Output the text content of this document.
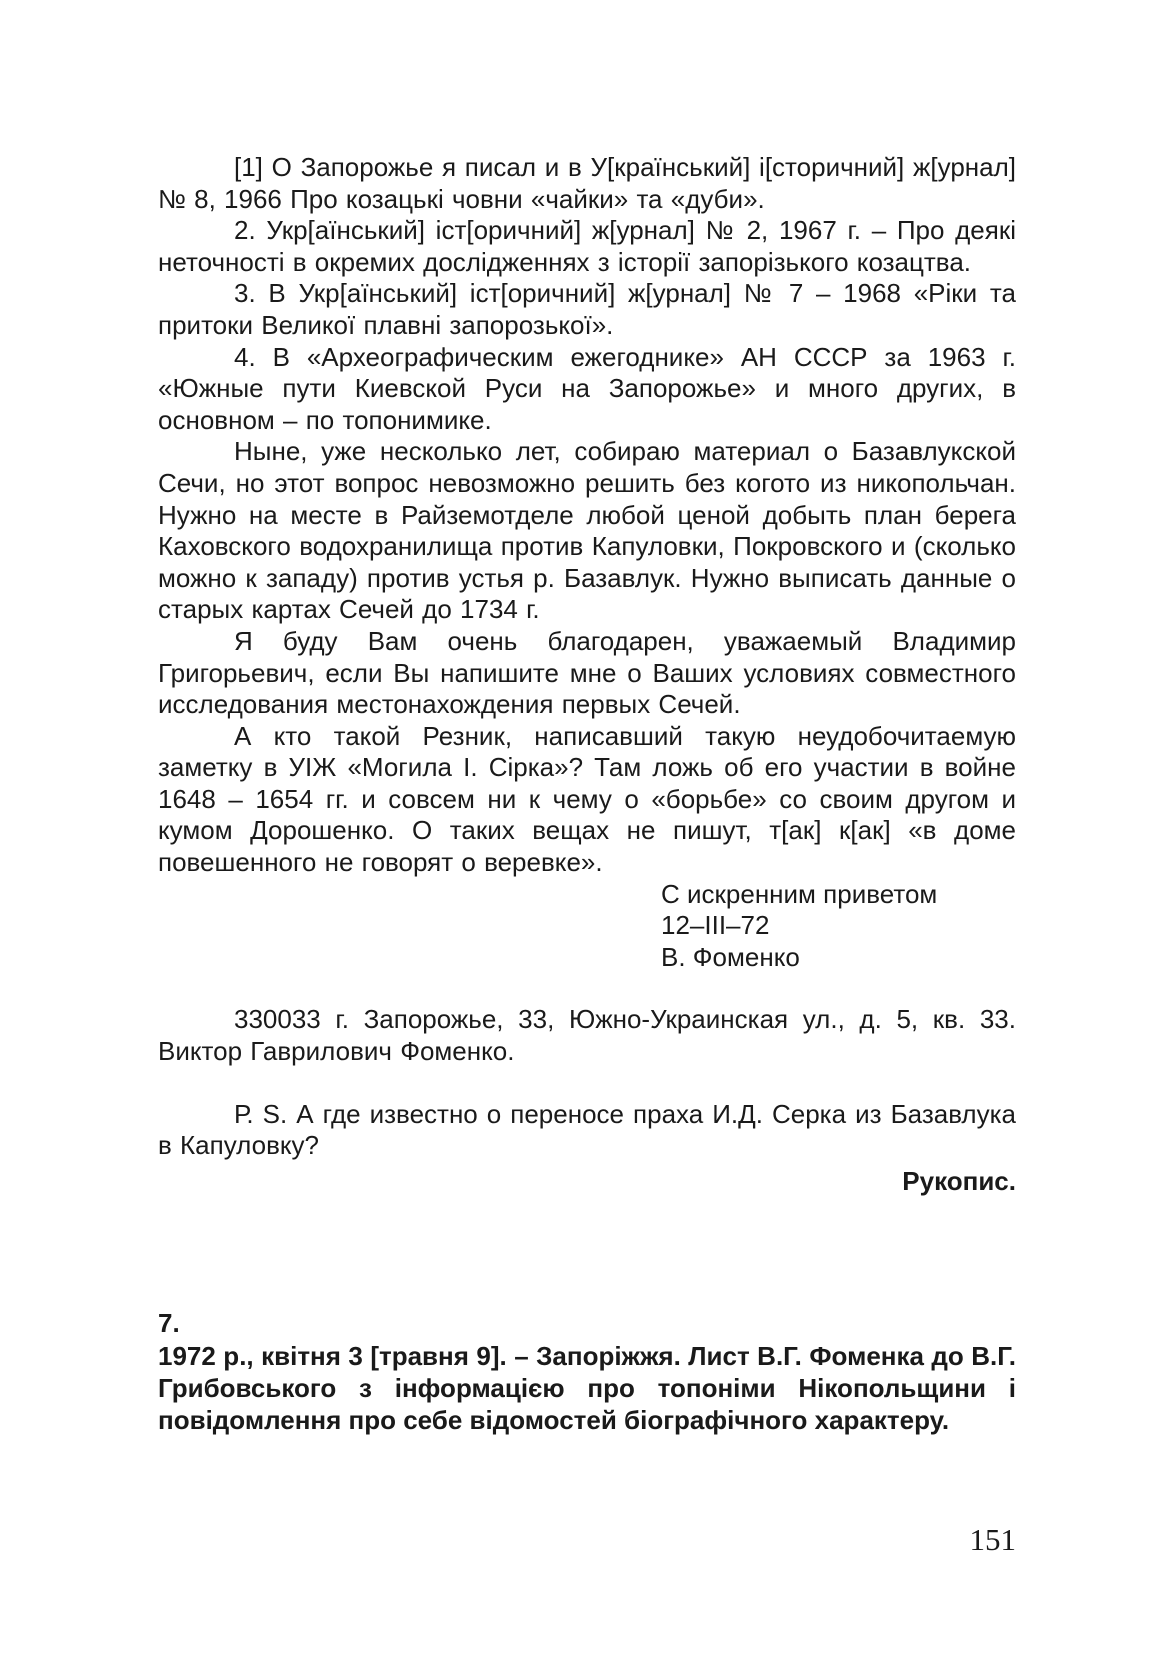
[1] О Запорожье я писал и в У[країнський] і[сторичний] ж[урнал] № 8, 1966 Про козацькі човни «чайки» та «дуби».

2. Укр[аїнський] іст[оричний] ж[урнал] № 2, 1967 г. – Про деякі неточності в окремих дослідженнях з історії запорізького козацтва.

3. В Укр[аїнський] іст[оричний] ж[урнал] № 7 – 1968 «Ріки та притоки Великої плавні запорозької».

4. В «Археографическим ежегоднике» АН СССР за 1963 г. «Южные пути Киевской Руси на Запорожье» и много других, в основном – по топонимике.

Ныне, уже несколько лет, собираю материал о Базавлукской Сечи, но этот вопрос невозможно решить без когото из никопольчан. Нужно на месте в Райземотделе любой ценой добыть план берега Каховского водохранилища против Капуловки, Покровского и (сколько можно к западу) против устья р. Базавлук. Нужно выписать данные о старых картах Сечей до 1734 г.

Я буду Вам очень благодарен, уважаемый Владимир Григорьевич, если Вы напишите мне о Ваших условиях совместного исследования местонахождения первых Сечей.

А кто такой Резник, написавший такую неудобочитаемую заметку в УІЖ «Могила І. Сірка»? Там ложь об его участии в войне 1648 – 1654 гг. и совсем ни к чему о «борьбе» со своим другом и кумом Дорошенко. О таких вещах не пишут, т[ак] к[ак] «в доме повешенного не говорят о веревке».

С искренним приветом
12–III–72
В. Фоменко

330033 г. Запорожье, 33, Южно-Украинская ул., д. 5, кв. 33. Виктор Гаврилович Фоменко.

Р. S. А где известно о переносе праха И.Д. Серка из Базавлука в Капуловку?

Рукопис.

7.

1972 р., квітня 3 [травня 9]. – Запоріжжя. Лист В.Г. Фоменка до В.Г. Грибовського з інформацією про топоніми Нікопольщини і повідомлення про себе відомостей біографічного характеру.

151
